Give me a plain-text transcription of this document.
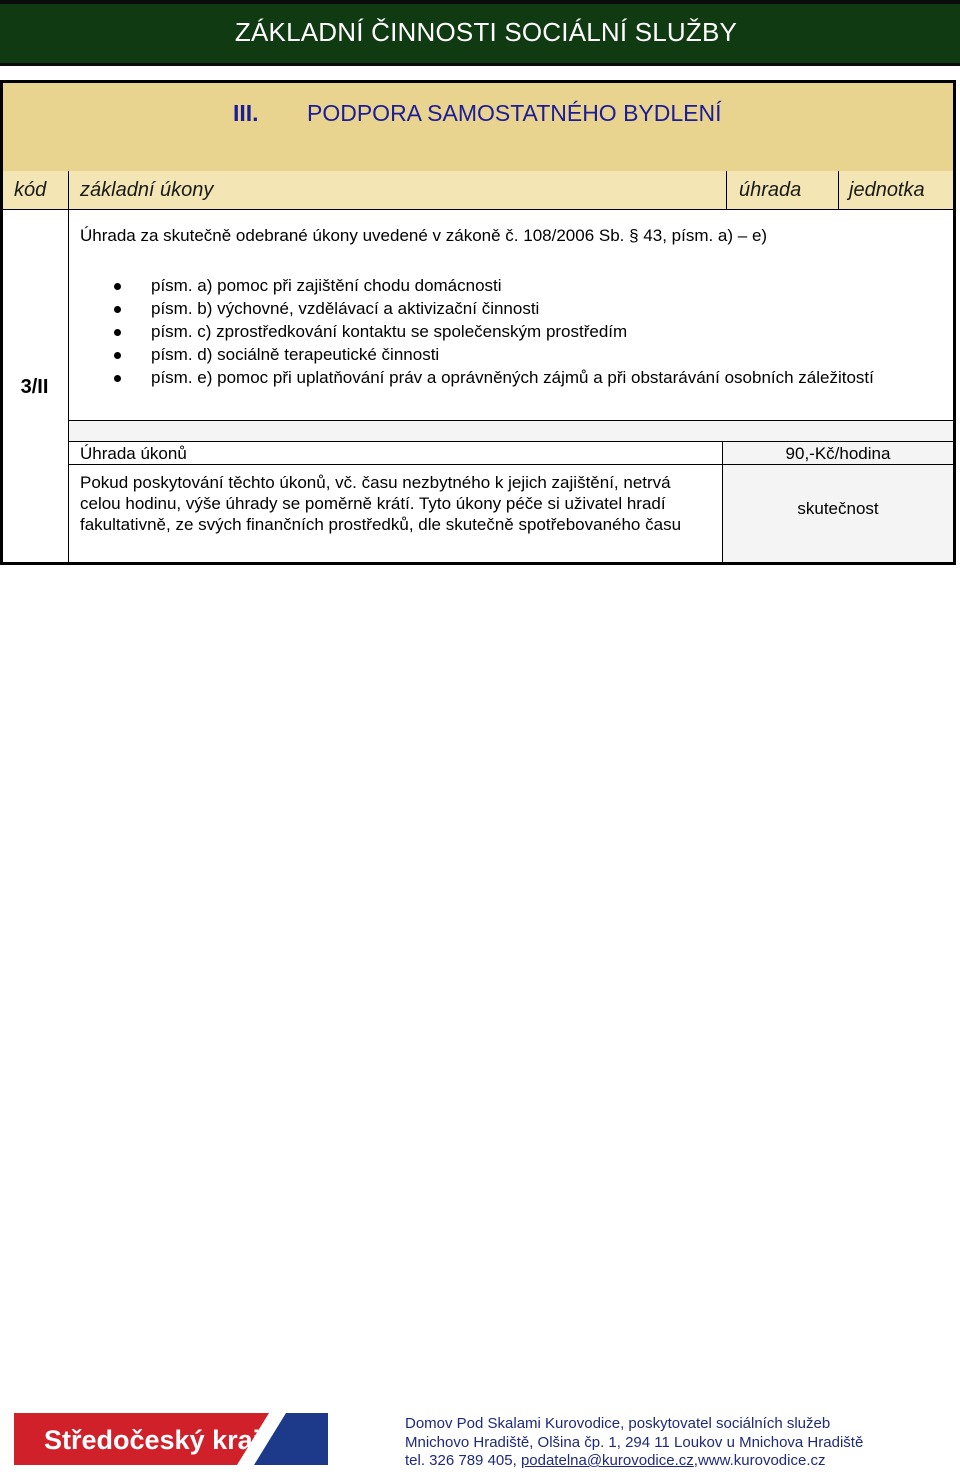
ZÁKLADNÍ ČINNOSTI SOCIÁLNÍ SLUŽBY
III. PODPORA SAMOSTATNÉHO BYDLENÍ
kód základní úkony	úhrada jednotka
3/II
Úhrada za skutečně odebrané úkony uvedené v zákoně č. 108/2006 Sb. § 43, písm. a) – e)
písm. a) pomoc při zajištění chodu domácnosti
písm. b) výchovné, vzdělávací a aktivizační činnosti
písm. c) zprostředkování kontaktu se společenským prostředím
písm. d) sociálně terapeutické činnosti
písm. e) pomoc při uplatňování práv a oprávněných zájmů a při obstarávání osobních záležitostí
Úhrada úkonů	90,-Kč/hodina
Pokud poskytování těchto úkonů, vč. času nezbytného k jejich zajištění, netrvá celou hodinu, výše úhrady se poměrně krátí. Tyto úkony péče si uživatel hradí fakultativně, ze svých finančních prostředků, dle skutečně spotřebovaného času
skutečnost
Středočeský kraj
Domov Pod Skalami Kurovodice, poskytovatel sociálních služeb
Mnichovo Hradiště, Olšina čp. 1, 294 11 Loukov u Mnichova Hradiště
tel. 326 789 405, podatelna@kurovodice.cz,www.kurovodice.cz
